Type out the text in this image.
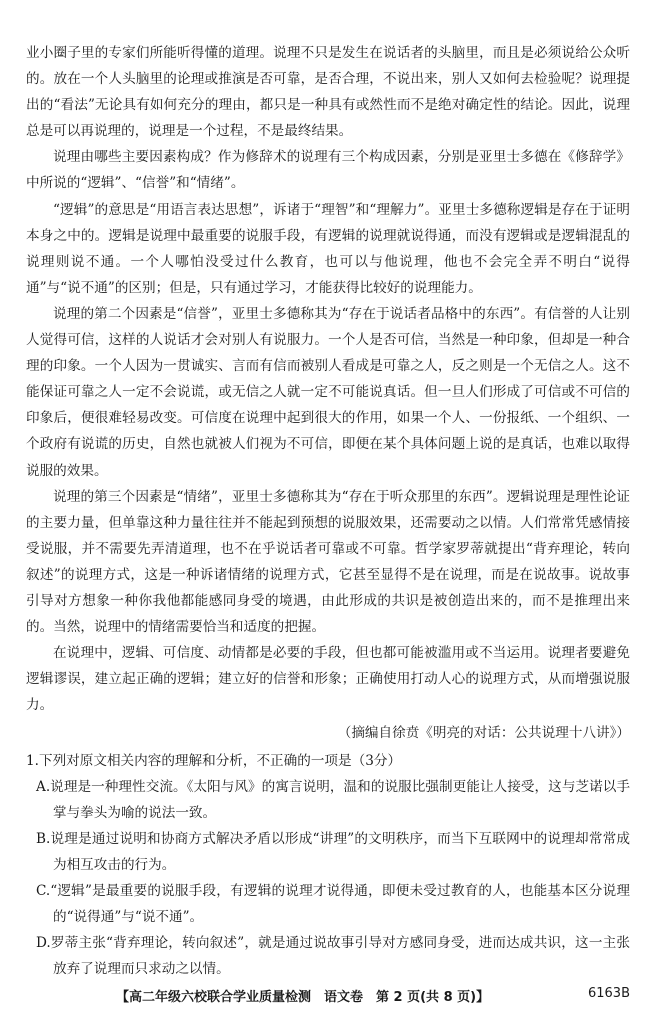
业小圈子里的专家们所能听得懂的道理。说理不只是发生在说话者的头脑里，而且是必须说给公众听的。放在一个人头脑里的论理或推演是否可靠，是否合理，不说出来，别人又如何去检验呢？说理提出的“看法”无论具有如何充分的理由，都只是一种具有或然性而不是绝对确定性的结论。因此，说理总是可以再说理的，说理是一个过程，不是最终结果。

说理由哪些主要因素构成？作为修辞术的说理有三个构成因素，分别是亚里士多德在《修辞学》中所说的“逻辑”、“信誉”和“情绪”。

“逻辑”的意思是“用语言表达思想”，诉诸于“理智”和“理解力”。亚里士多德称逻辑是存在于证明本身之中的。逻辑是说理中最重要的说服手段，有逻辑的说理就说得通，而没有逻辑或是逻辑混乱的说理则说不通。一个人哪怕没受过什么教育，也可以与他说理，他也不会完全弄不明白“说得通”与“说不通”的区别；但是，只有通过学习，才能获得比较好的说理能力。

说理的第二个因素是“信誉”，亚里士多德称其为“存在于说话者品格中的东西”。有信誉的人让别人觉得可信，这样的人说话才会对别人有说服力。一个人是否可信，当然是一种印象，但却是一种合理的印象。一个人因为一贯诚实、言而有信而被别人看成是可靠之人，反之则是一个无信之人。这不能保证可靠之人一定不会说谎，或无信之人就一定不可能说真话。但一旦人们形成了可信或不可信的印象后，便很难轻易改变。可信度在说理中起到很大的作用，如果一个人、一份报纸、一个组织、一个政府有说谎的历史，自然也就被人们视为不可信，即便在某个具体问题上说的是真话，也难以取得说服的效果。

说理的第三个因素是“情绪”，亚里士多德称其为“存在于听众那里的东西”。逻辑说理是理性论证的主要力量，但单靠这种力量往往并不能起到预想的说服效果，还需要动之以情。人们常常凭感情接受说服，并不需要先弄清道理，也不在乎说话者可靠或不可靠。哲学家罗蒂就提出“背弃理论，转向叙述”的说理方式，这是一种诉诸情绪的说理方式，它甚至显得不是在说理，而是在说故事。说故事引导对方想象一种你我他都能感同身受的境遇，由此形成的共识是被创造出来的，而不是推理出来的。当然，说理中的情绪需要恰当和适度的把握。

在说理中，逻辑、可信度、动情都是必要的手段，但也都可能被滥用或不当运用。说理者要避免逻辑谬误，建立起正确的逻辑；建立好的信誉和形象；正确使用打动人心的说理方式，从而增强说服力。

（摘编自徐贲《明亮的对话：公共说理十八讲》）

1.下列对原文相关内容的理解和分析，不正确的一项是（3分）

A.说理是一种理性交流。《太阳与风》的寓言说明，温和的说服比强制更能让人接受，这与芝诺以手掌与拳头为喻的说法一致。

B.说理是通过说明和协商方式解决矛盾以形成“讲理”的文明秩序，而当下互联网中的说理却常常成为相互攻击的行为。

C.“逻辑”是最重要的说服手段，有逻辑的说理才说得通，即便未受过教育的人，也能基本区分说理的“说得通”与“说不通”。

D.罗蒂主张“背弃理论，转向叙述”，就是通过说故事引导对方感同身受，进而达成共识，这一主张放弃了说理而只求动之以情。

【高二年级六校联合学业质量检测　语文卷　第 2 页(共 8 页)】	6163B
